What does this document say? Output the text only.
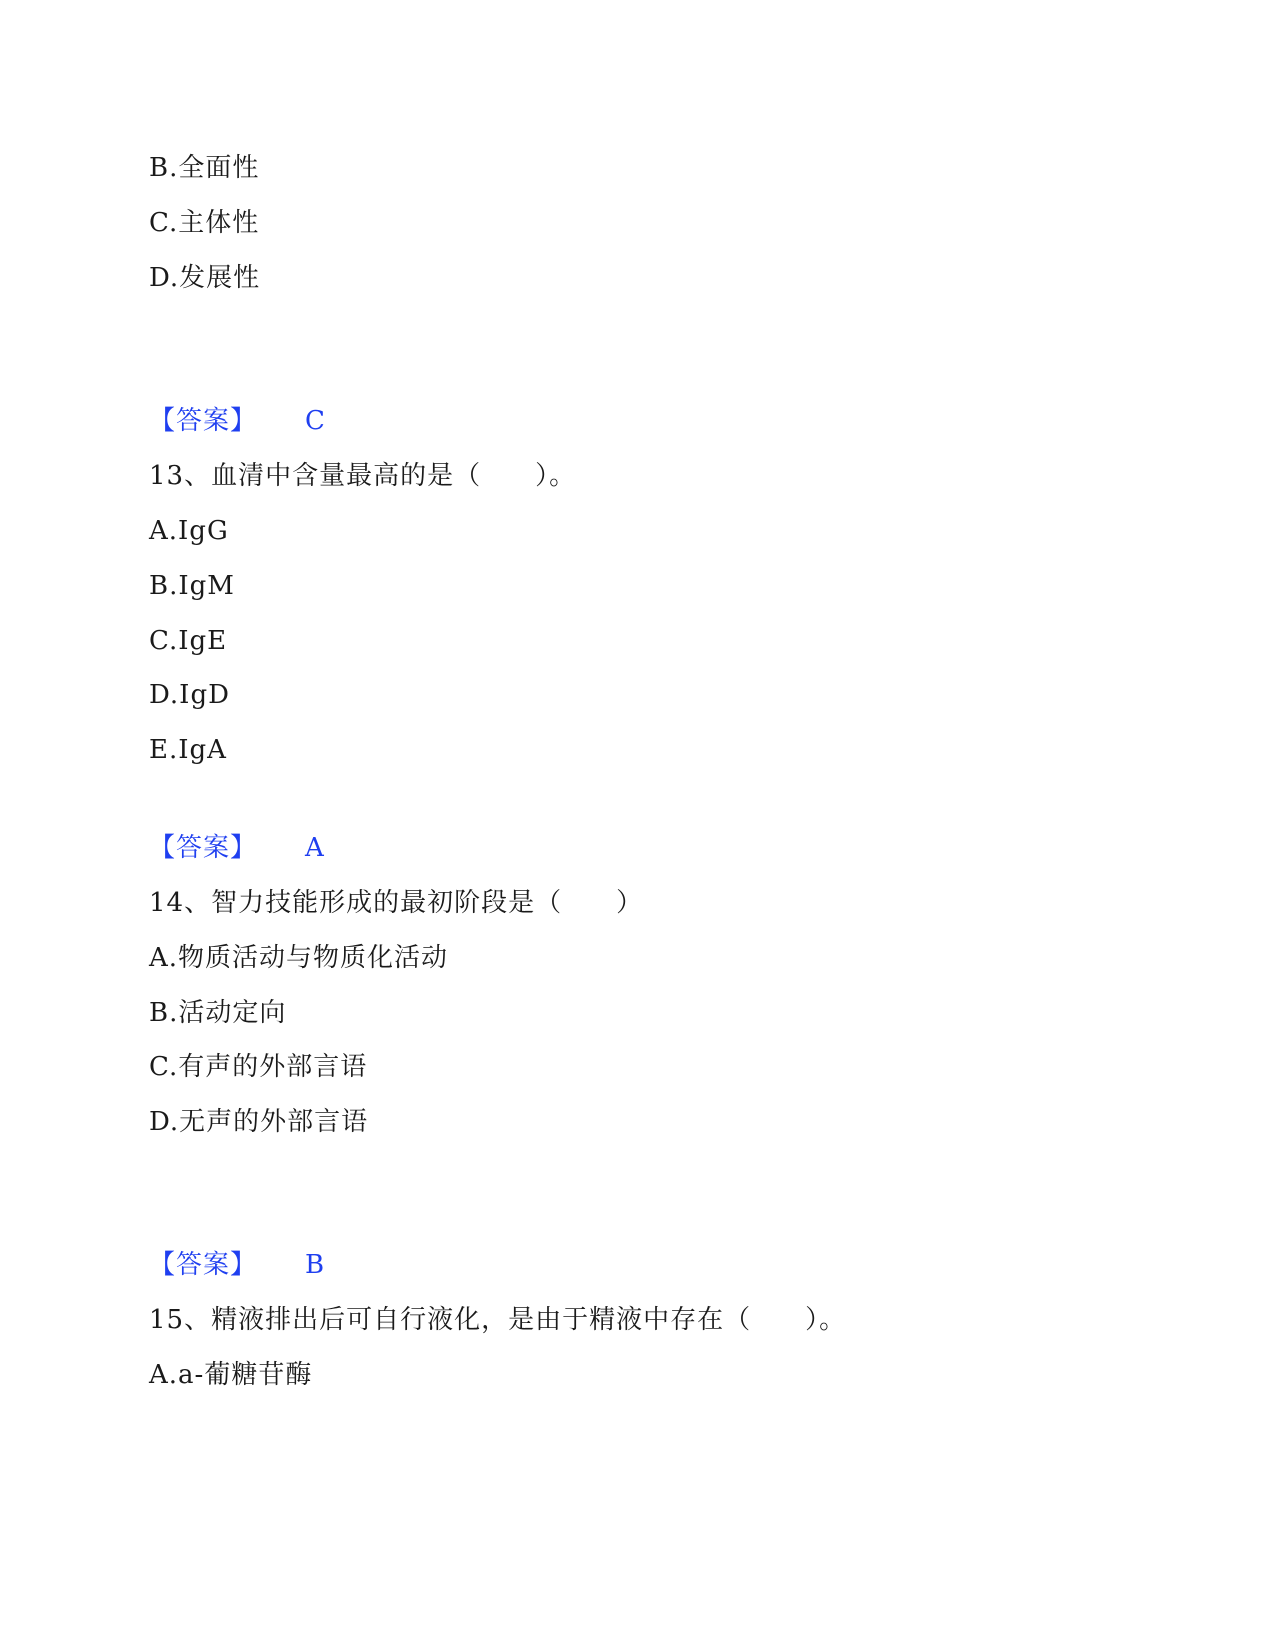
B.全面性
C.主体性
D.发展性
【答案】 C
13、血清中含量最高的是（　　）。
A.IgG
B.IgM
C.IgE
D.IgD
E.IgA
【答案】 A
14、智力技能形成的最初阶段是（　　）
A.物质活动与物质化活动
B.活动定向
C.有声的外部言语
D.无声的外部言语
【答案】 B
15、精液排出后可自行液化，是由于精液中存在（　　）。
A.a-葡糖苷酶
